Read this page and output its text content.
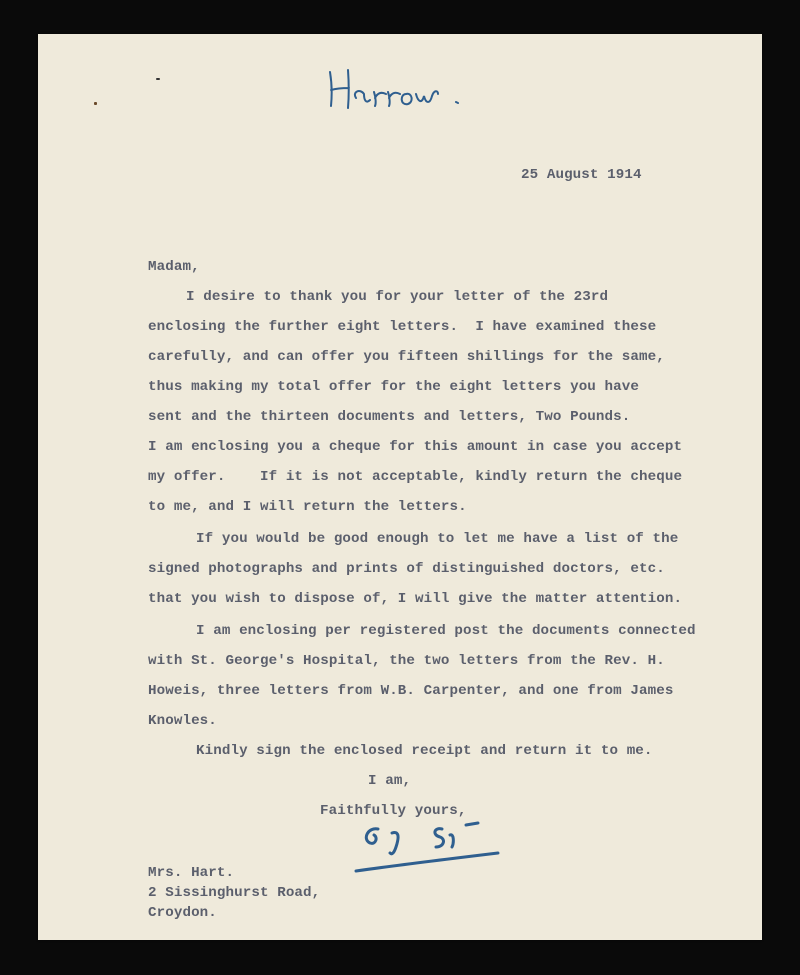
Harrow.
25 August 1914
Madam,
I desire to thank you for your letter of the 23rd
enclosing the further eight letters.  I have examined these
carefully, and can offer you fifteen shillings for the same,
thus making my total offer for the eight letters you have
sent and the thirteen documents and letters, Two Pounds.
I am enclosing you a cheque for this amount in case you accept
my offer.    If it is not acceptable, kindly return the cheque
to me, and I will return the letters.
If you would be good enough to let me have a list of the
signed photographs and prints of distinguished doctors, etc.
that you wish to dispose of, I will give the matter attention.
I am enclosing per registered post the documents connected
with St. George's Hospital, the two letters from the Rev. H.
Howeis, three letters from W.B. Carpenter, and one from James
Knowles.
Kindly sign the enclosed receipt and return it to me.
I am,
Faithfully yours,
G.J. S.
Mrs. Hart.
2 Sissinghurst Road,
Croydon.
